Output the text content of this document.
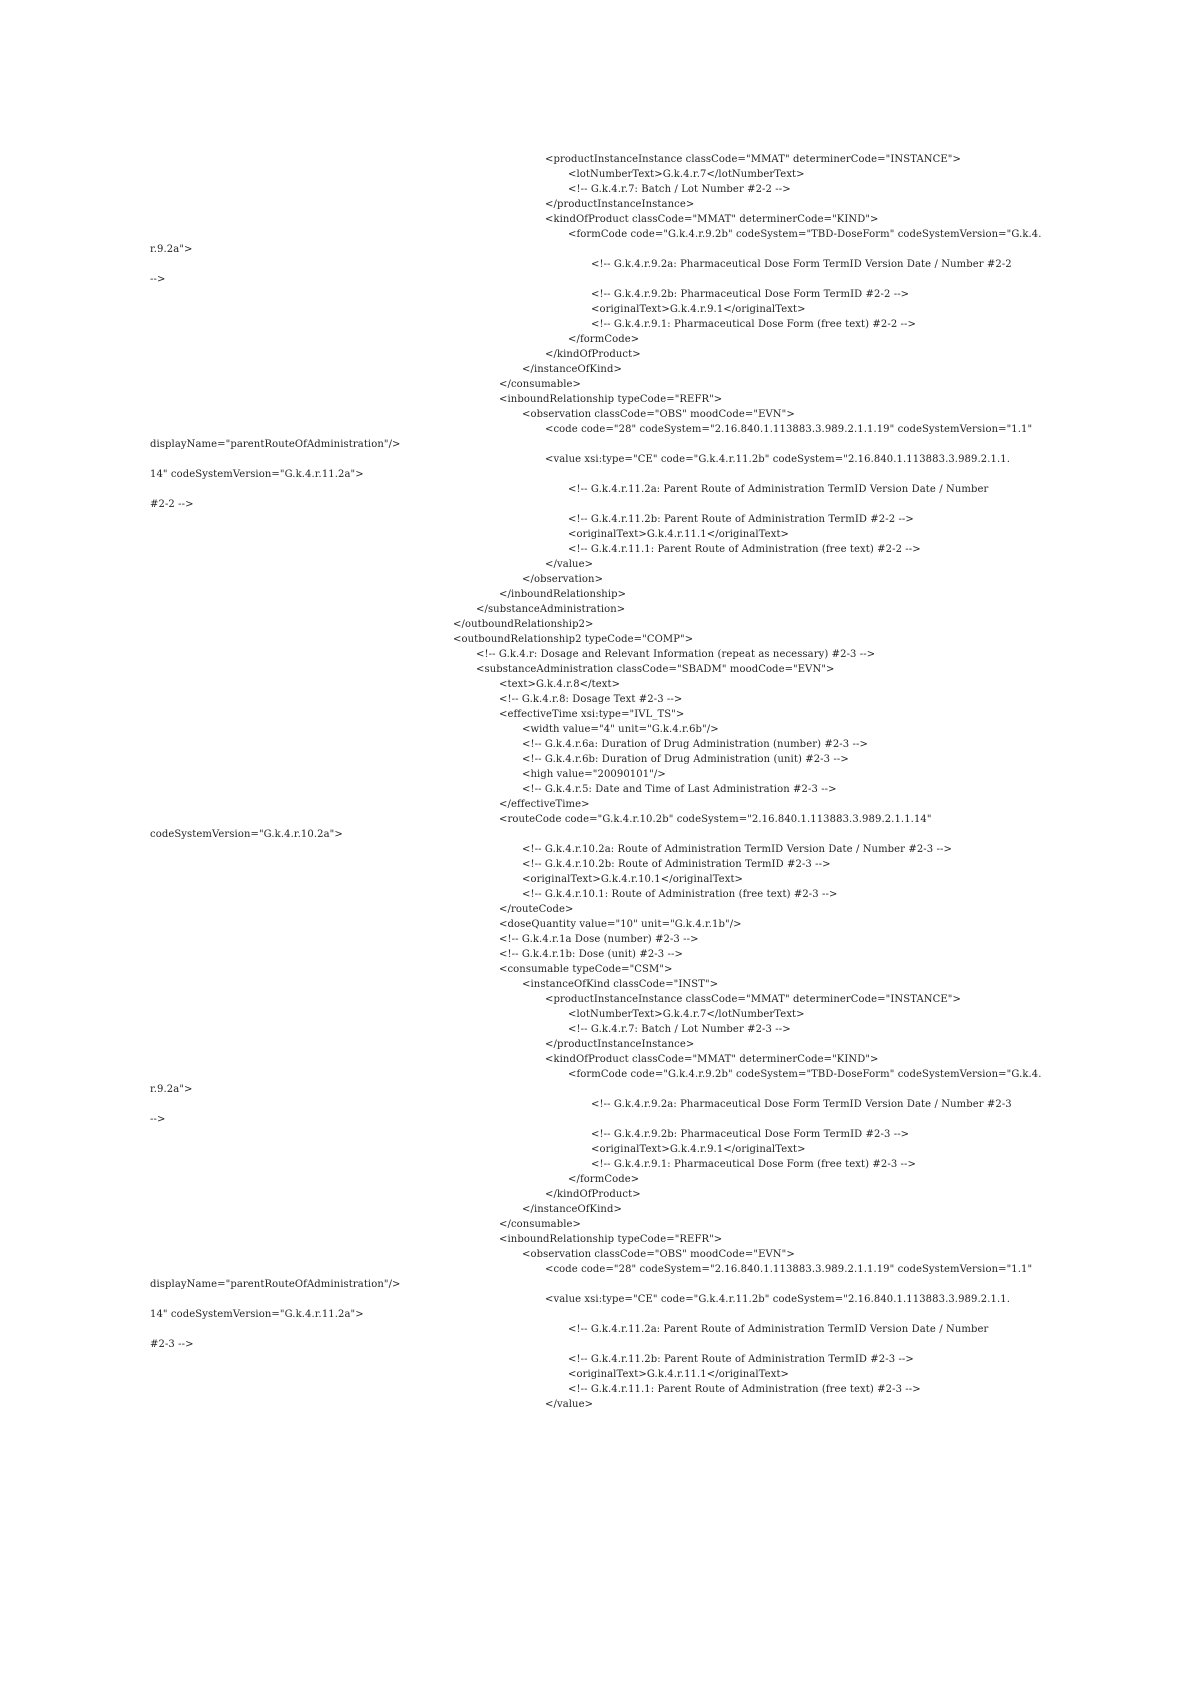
<productInstanceInstance classCode="MMAT" determinerCode="INSTANCE">
<lotNumberText>G.k.4.r.7</lotNumberText>
<!-- G.k.4.r.7: Batch / Lot Number #2-2 -->
</productInstanceInstance>
<kindOfProduct classCode="MMAT" determinerCode="KIND">
<formCode code="G.k.4.r.9.2b" codeSystem="TBD-DoseForm" codeSystemVersion="G.k.4.
r.9.2a">
<!-- G.k.4.r.9.2a: Pharmaceutical Dose Form TermID Version Date / Number #2-2
-->
<!-- G.k.4.r.9.2b: Pharmaceutical Dose Form TermID #2-2 -->
<originalText>G.k.4.r.9.1</originalText>
<!-- G.k.4.r.9.1: Pharmaceutical Dose Form (free text) #2-2 -->
</formCode>
</kindOfProduct>
</instanceOfKind>
</consumable>
<inboundRelationship typeCode="REFR">
<observation classCode="OBS" moodCode="EVN">
<code code="28" codeSystem="2.16.840.1.113883.3.989.2.1.1.19" codeSystemVersion="1.1"
displayName="parentRouteOfAdministration"/>
<value xsi:type="CE" code="G.k.4.r.11.2b" codeSystem="2.16.840.1.113883.3.989.2.1.1.
14" codeSystemVersion="G.k.4.r.11.2a">
<!-- G.k.4.r.11.2a: Parent Route of Administration TermID Version Date / Number
#2-2 -->
<!-- G.k.4.r.11.2b: Parent Route of Administration TermID #2-2 -->
<originalText>G.k.4.r.11.1</originalText>
<!-- G.k.4.r.11.1: Parent Route of Administration (free text) #2-2 -->
</value>
</observation>
</inboundRelationship>
</substanceAdministration>
</outboundRelationship2>
<outboundRelationship2 typeCode="COMP">
<!-- G.k.4.r: Dosage and Relevant Information (repeat as necessary) #2-3 -->
<substanceAdministration classCode="SBADM" moodCode="EVN">
<text>G.k.4.r.8</text>
<!-- G.k.4.r.8: Dosage Text #2-3 -->
<effectiveTime xsi:type="IVL_TS">
<width value="4" unit="G.k.4.r.6b"/>
<!-- G.k.4.r.6a: Duration of Drug Administration (number) #2-3 -->
<!-- G.k.4.r.6b: Duration of Drug Administration (unit) #2-3 -->
<high value="20090101"/>
<!-- G.k.4.r.5: Date and Time of Last Administration #2-3 -->
</effectiveTime>
<routeCode code="G.k.4.r.10.2b" codeSystem="2.16.840.1.113883.3.989.2.1.1.14"
codeSystemVersion="G.k.4.r.10.2a">
<!-- G.k.4.r.10.2a: Route of Administration TermID Version Date / Number #2-3 -->
<!-- G.k.4.r.10.2b: Route of Administration TermID #2-3 -->
<originalText>G.k.4.r.10.1</originalText>
<!-- G.k.4.r.10.1: Route of Administration (free text) #2-3 -->
</routeCode>
<doseQuantity value="10" unit="G.k.4.r.1b"/>
<!-- G.k.4.r.1a Dose (number) #2-3 -->
<!-- G.k.4.r.1b: Dose (unit) #2-3 -->
<consumable typeCode="CSM">
<instanceOfKind classCode="INST">
<productInstanceInstance classCode="MMAT" determinerCode="INSTANCE">
<lotNumberText>G.k.4.r.7</lotNumberText>
<!-- G.k.4.r.7: Batch / Lot Number #2-3 -->
</productInstanceInstance>
<kindOfProduct classCode="MMAT" determinerCode="KIND">
<formCode code="G.k.4.r.9.2b" codeSystem="TBD-DoseForm" codeSystemVersion="G.k.4.
r.9.2a">
<!-- G.k.4.r.9.2a: Pharmaceutical Dose Form TermID Version Date / Number #2-3
-->
<!-- G.k.4.r.9.2b: Pharmaceutical Dose Form TermID #2-3 -->
<originalText>G.k.4.r.9.1</originalText>
<!-- G.k.4.r.9.1: Pharmaceutical Dose Form (free text) #2-3 -->
</formCode>
</kindOfProduct>
</instanceOfKind>
</consumable>
<inboundRelationship typeCode="REFR">
<observation classCode="OBS" moodCode="EVN">
<code code="28" codeSystem="2.16.840.1.113883.3.989.2.1.1.19" codeSystemVersion="1.1"
displayName="parentRouteOfAdministration"/>
<value xsi:type="CE" code="G.k.4.r.11.2b" codeSystem="2.16.840.1.113883.3.989.2.1.1.
14" codeSystemVersion="G.k.4.r.11.2a">
<!-- G.k.4.r.11.2a: Parent Route of Administration TermID Version Date / Number
#2-3 -->
<!-- G.k.4.r.11.2b: Parent Route of Administration TermID #2-3 -->
<originalText>G.k.4.r.11.1</originalText>
<!-- G.k.4.r.11.1: Parent Route of Administration (free text) #2-3 -->
</value>
